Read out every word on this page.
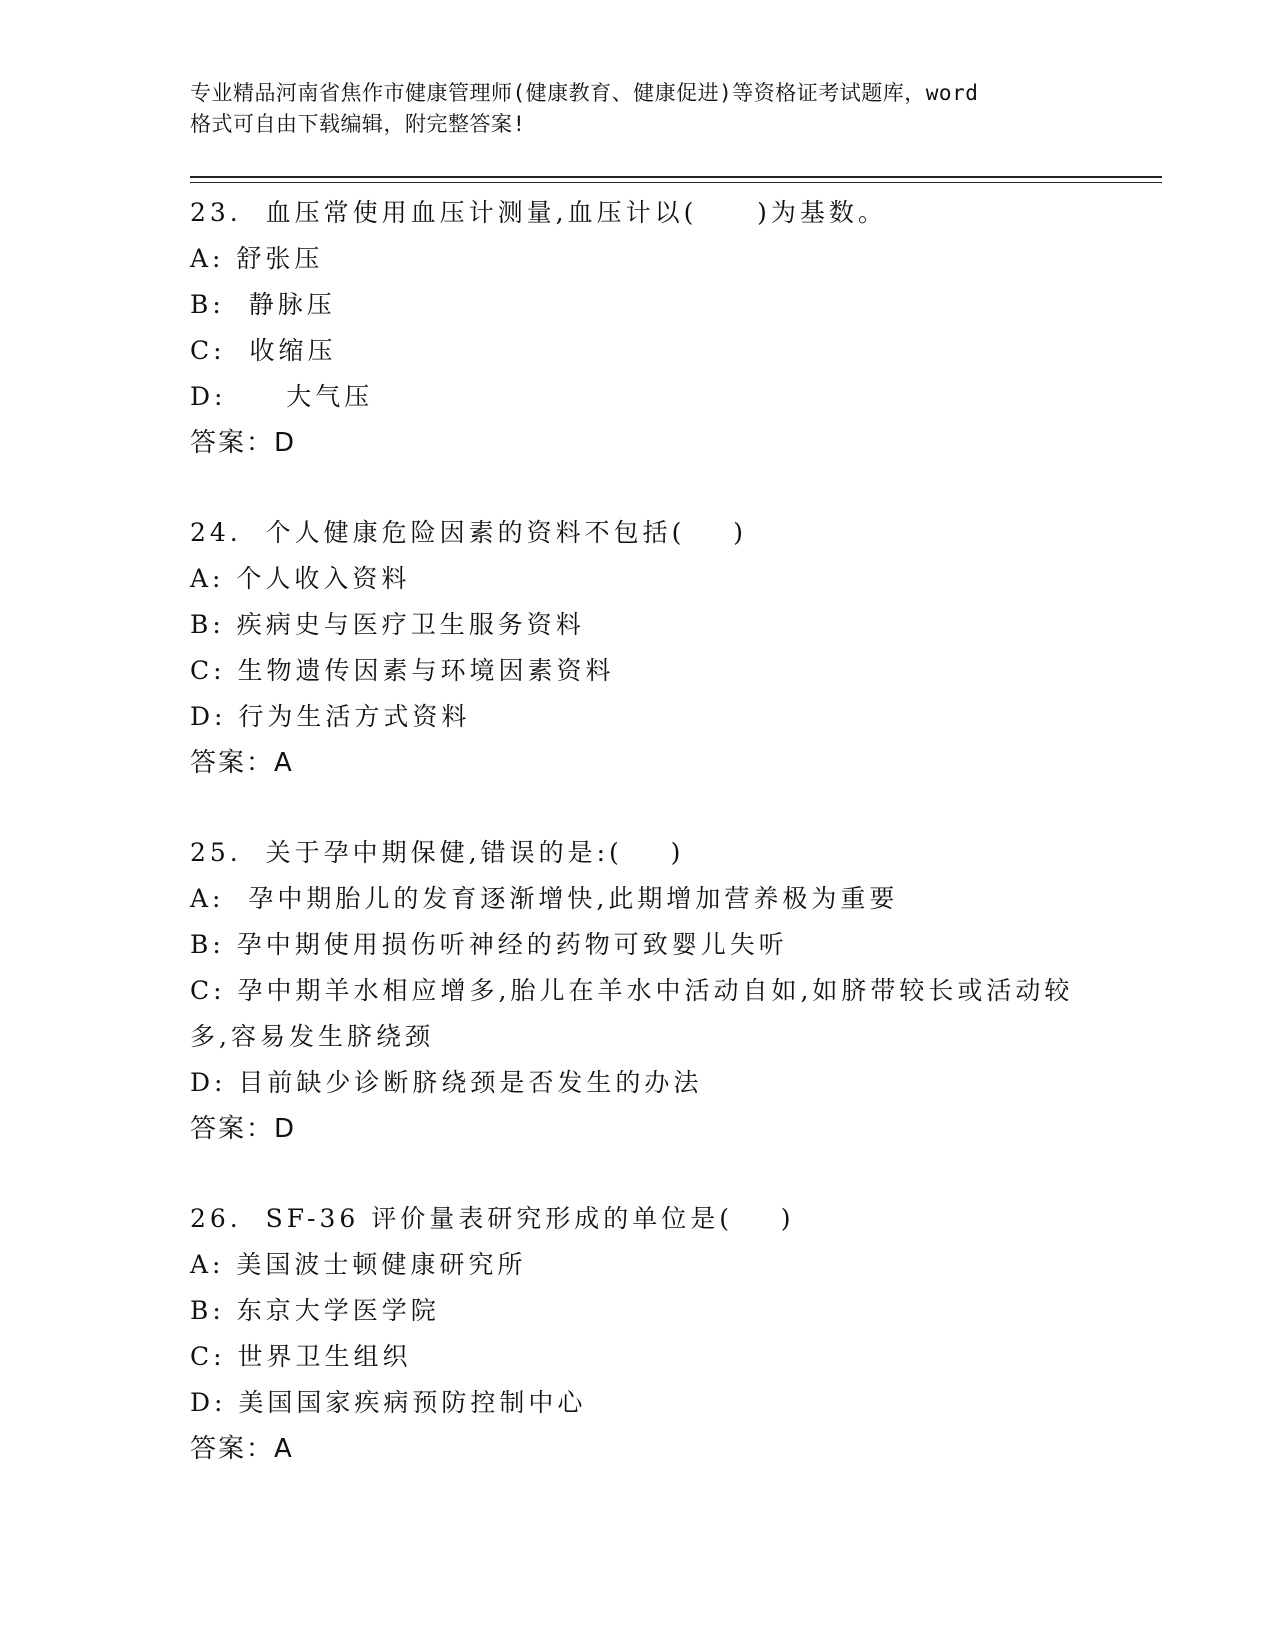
专业精品河南省焦作市健康管理师(健康教育、健康促进)等资格证考试题库，word
格式可自由下载编辑，附完整答案!
23.  血压常使用血压计测量,血压计以(     )为基数。
A: 舒张压
B:  静脉压
C:  收缩压
D:     大气压
答案：D
24.  个人健康危险因素的资料不包括(    )
A: 个人收入资料
B: 疾病史与医疗卫生服务资料
C: 生物遗传因素与环境因素资料
D: 行为生活方式资料
答案：A
25.  关于孕中期保健,错误的是:(    )
A:  孕中期胎儿的发育逐渐增快,此期增加营养极为重要
B: 孕中期使用损伤听神经的药物可致婴儿失听
C: 孕中期羊水相应增多,胎儿在羊水中活动自如,如脐带较长或活动较多,容易发生脐绕颈
D: 目前缺少诊断脐绕颈是否发生的办法
答案：D
26.  SF-36 评价量表研究形成的单位是(    )
A: 美国波士顿健康研究所
B: 东京大学医学院
C: 世界卫生组织
D: 美国国家疾病预防控制中心
答案：A
